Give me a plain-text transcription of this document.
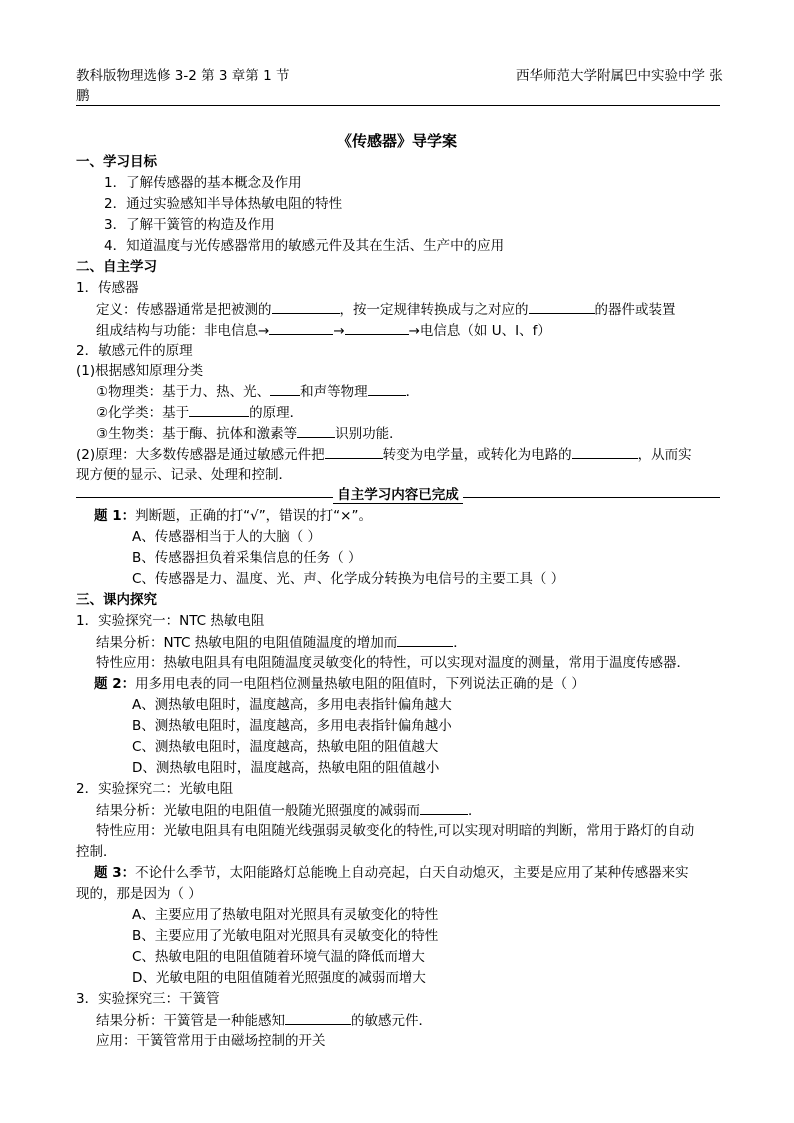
教科版物理选修 3-2 第 3 章第 1 节
鹏
西华师范大学附属巴中实验中学 张
《传感器》导学案
一、学习目标
1．了解传感器的基本概念及作用
2．通过实验感知半导体热敏电阻的特性
3．了解干簧管的构造及作用
4．知道温度与光传感器常用的敏感元件及其在生活、生产中的应用
二、自主学习
1．传感器
定义：传感器通常是把被测的	，按一定规律转换成与之对应的	的器件或装置
组成结构与功能：非电信息→	→	→电信息（如 U、I、f）
2．敏感元件的原理
(1)根据感知原理分类
①物理类：基于力、热、光、 和声等物理	．
②化学类：基于	的原理．
③生物类：基于酶、抗体和激素等	识别功能．
(2)原理：大多数传感器是通过敏感元件把	转变为电学量，或转化为电路的	，从而实
现方便的显示、记录、处理和控制．
自主学习内容已完成
题 1：判断题，正确的打“√”，错误的打“×”。
A、传感器相当于人的大脑（ ）
B、传感器担负着采集信息的任务（ ）
C、传感器是力、温度、光、声、化学成分转换为电信号的主要工具（ ）
三、课内探究
1．实验探究一：NTC 热敏电阻
结果分析：NTC 热敏电阻的电阻值随温度的增加而	．
特性应用：热敏电阻具有电阻随温度灵敏变化的特性，可以实现对温度的测量，常用于温度传感器．
题 2：用多用电表的同一电阻档位测量热敏电阻的阻值时，下列说法正确的是（ ）
A、测热敏电阻时，温度越高，多用电表指针偏角越大
B、测热敏电阻时，温度越高，多用电表指针偏角越小
C、测热敏电阻时，温度越高，热敏电阻的阻值越大
D、测热敏电阻时，温度越高，热敏电阻的阻值越小
2．实验探究二：光敏电阻
结果分析：光敏电阻的电阻值一般随光照强度的减弱而	．
特性应用：光敏电阻具有电阻随光线强弱灵敏变化的特性,可以实现对明暗的判断，常用于路灯的自动
控制．
题 3：不论什么季节，太阳能路灯总能晚上自动亮起，白天自动熄灭，主要是应用了某种传感器来实
现的，那是因为（ ）
A、主要应用了热敏电阻对光照具有灵敏变化的特性
B、主要应用了光敏电阻对光照具有灵敏变化的特性
C、热敏电阻的电阻值随着环境气温的降低而增大
D、光敏电阻的电阻值随着光照强度的减弱而增大
3．实验探究三：干簧管
结果分析：干簧管是一种能感知	的敏感元件．
应用：干簧管常用于由磁场控制的开关
